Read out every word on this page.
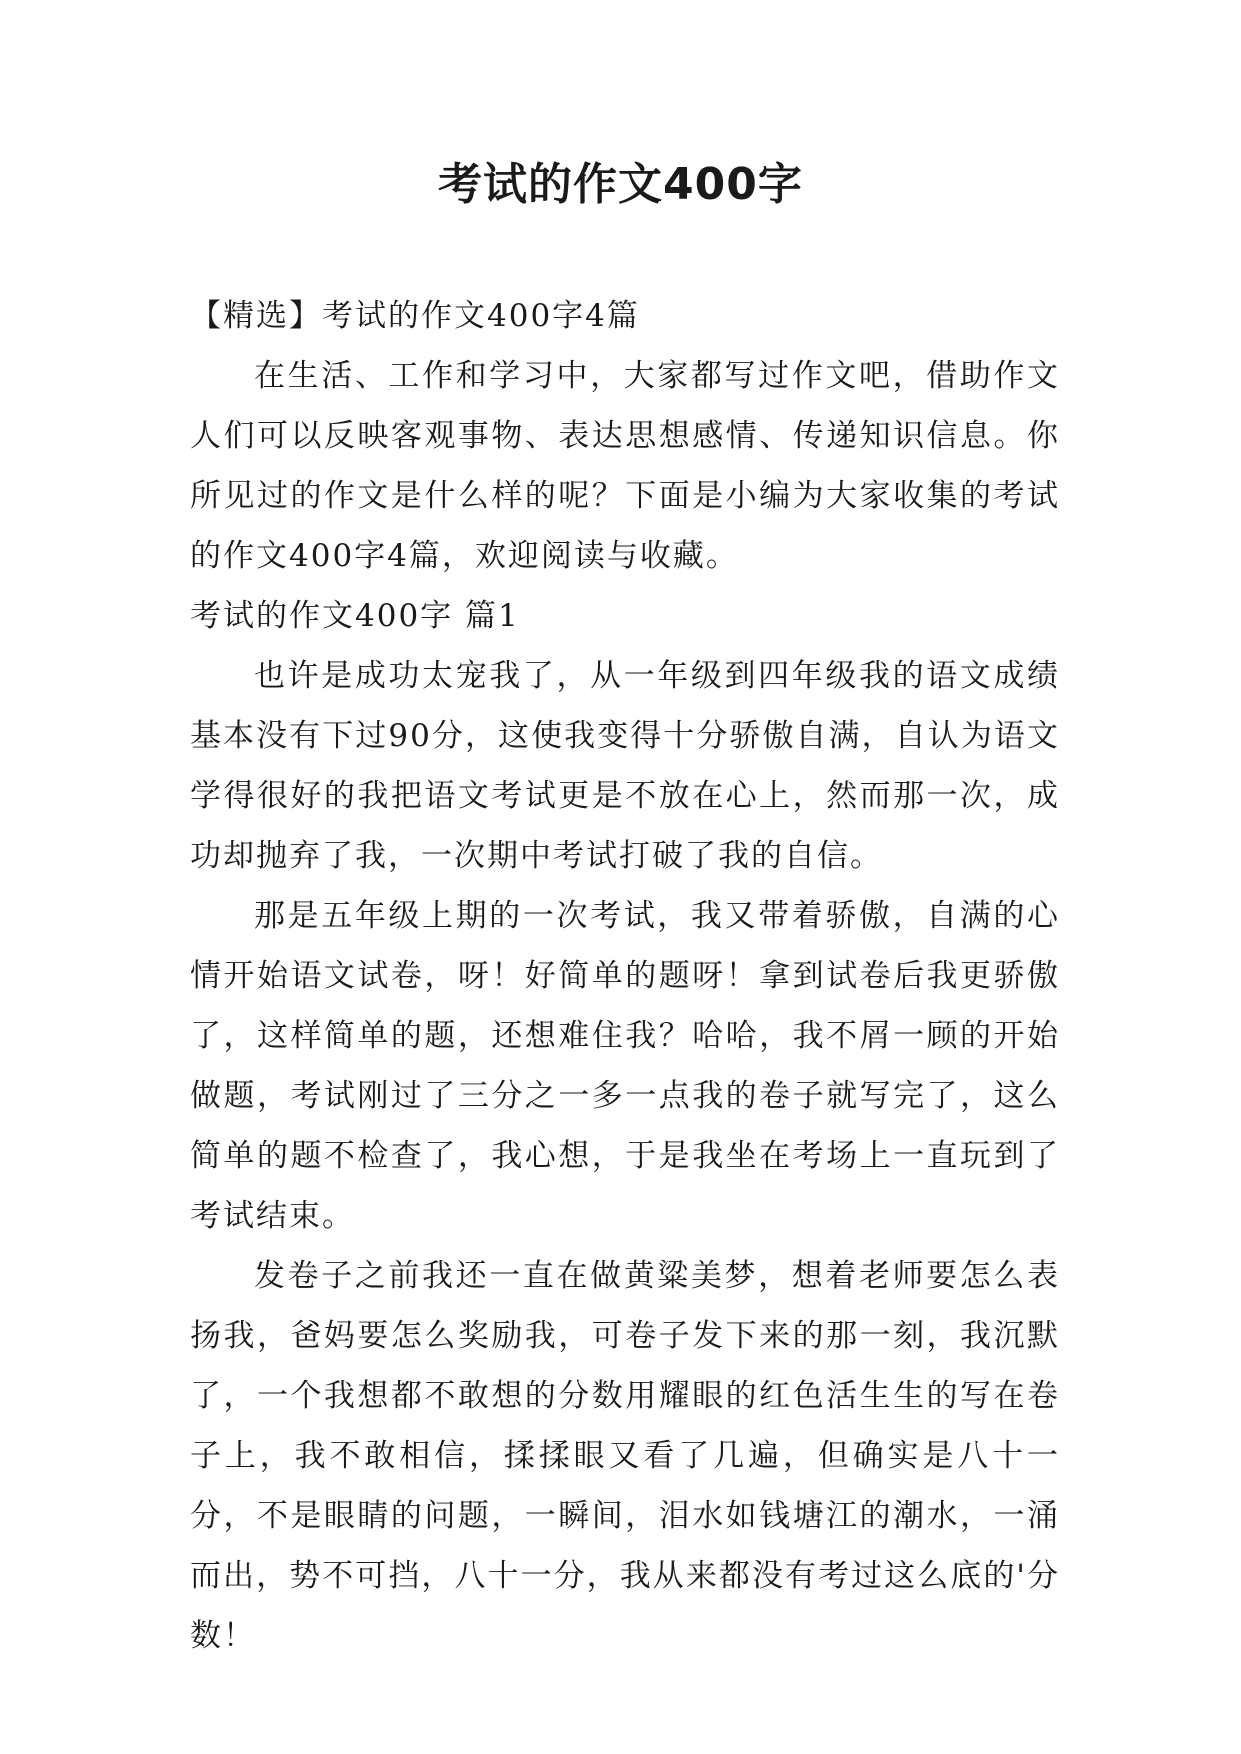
考试的作文400字
【精选】考试的作文400字4篇

在生活、工作和学习中，大家都写过作文吧，借助作文人们可以反映客观事物、表达思想感情、传递知识信息。你所见过的作文是什么样的呢？下面是小编为大家收集的考试的作文400字4篇，欢迎阅读与收藏。

考试的作文400字 篇1

也许是成功太宠我了，从一年级到四年级我的语文成绩基本没有下过90分，这使我变得十分骄傲自满，自认为语文学得很好的我把语文考试更是不放在心上，然而那一次，成功却抛弃了我，一次期中考试打破了我的自信。

那是五年级上期的一次考试，我又带着骄傲，自满的心情开始语文试卷，呀！好简单的题呀！拿到试卷后我更骄傲了，这样简单的题，还想难住我？哈哈，我不屑一顾的开始做题，考试刚过了三分之一多一点我的卷子就写完了，这么简单的题不检查了，我心想，于是我坐在考场上一直玩到了考试结束。

发卷子之前我还一直在做黄粱美梦，想着老师要怎么表扬我，爸妈要怎么奖励我，可卷子发下来的那一刻，我沉默了，一个我想都不敢想的分数用耀眼的红色活生生的写在卷子上，我不敢相信，揉揉眼又看了几遍，但确实是八十一分，不是眼睛的问题，一瞬间，泪水如钱塘江的潮水，一涌而出，势不可挡，八十一分，我从来都没有考过这么底的'分数！
